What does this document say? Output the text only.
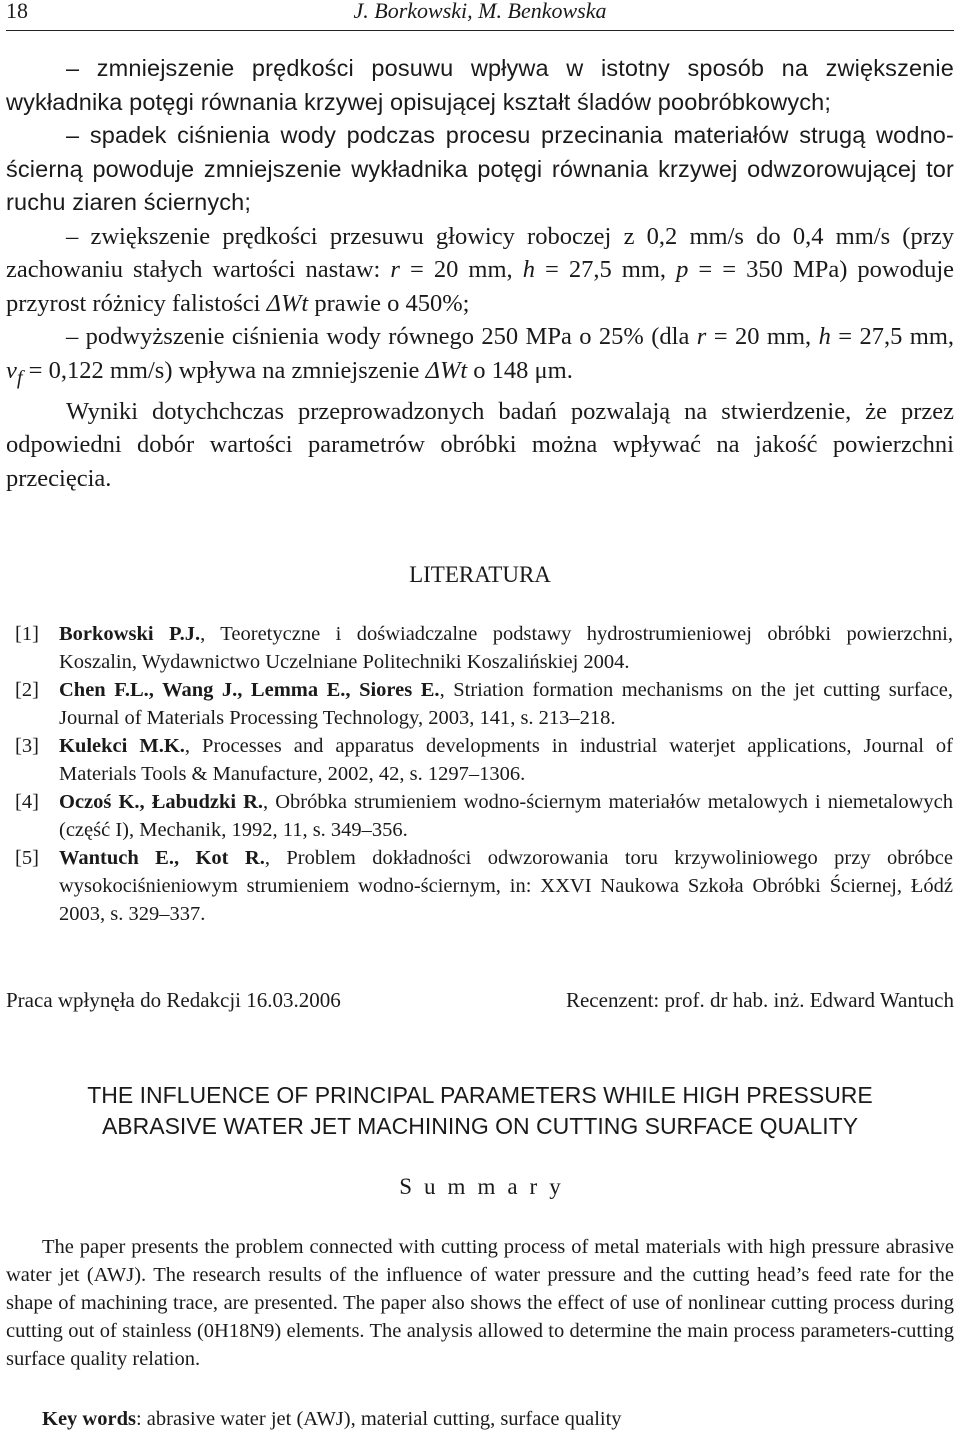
18	J. Borkowski, M. Benkowska

– zmniejszenie prędkości posuwu wpływa w istotny sposób na zwiększenie wykładnika potęgi równania krzywej opisującej kształt śladów poobróbkowych;

– spadek ciśnienia wody podczas procesu przecinania materiałów strugą wodno-ścierną powoduje zmniejszenie wykładnika potęgi równania krzywej odwzorowującej tor ruchu ziaren ściernych;

– zwiększenie prędkości przesuwu głowicy roboczej z 0,2 mm/s do 0,4 mm/s (przy zachowaniu stałych wartości nastaw: r = 20 mm, h = 27,5 mm, p = = 350 MPa) powoduje przyrost różnicy falistości ΔWt prawie o 450%;

– podwyższenie ciśnienia wody równego 250 MPa o 25% (dla r = 20 mm, h = 27,5 mm, $v_f = 0,122$ mm/s) wpływa na zmniejszenie ΔWt o 148 μm.

Wyniki dotychchczas przeprowadzonych badań pozwalają na stwierdzenie, że przez odpowiedni dobór wartości parametrów obróbki można wpływać na jakość powierzchni przecięcia.

LITERATURA
[1] Borkowski P.J., Teoretyczne i doświadczalne podstawy hydrostrumieniowej obróbki powierzchni, Koszalin, Wydawnictwo Uczelniane Politechniki Koszalińskiej 2004.
[2] Chen F.L., Wang J., Lemma E., Siores E., Striation formation mechanisms on the jet cutting surface, Journal of Materials Processing Technology, 2003, 141, s. 213–218.
[3] Kulekci M.K., Processes and apparatus developments in industrial waterjet applications, Journal of Materials Tools & Manufacture, 2002, 42, s. 1297–1306.
[4] Oczoś K., Łabudzki R., Obróbka strumieniem wodno-ściernym materiałów metalowych i niemetalowych (część I), Mechanik, 1992, 11, s. 349–356.
[5] Wantuch E., Kot R., Problem dokładności odwzorowania toru krzywoliniowego przy obróbce wysokociśnieniowym strumieniem wodno-ściernym, in: XXVI Naukowa Szkoła Obróbki Ściernej, Łódź 2003, s. 329–337.
Praca wpłynęła do Redakcji 16.03.2006	Recenzent: prof. dr hab. inż. Edward Wantuch
THE INFLUENCE OF PRINCIPAL PARAMETERS WHILE HIGH PRESSURE
ABRASIVE WATER JET MACHINING ON CUTTING SURFACE QUALITY
Summary

The paper presents the problem connected with cutting process of metal materials with high pressure abrasive water jet (AWJ). The research results of the influence of water pressure and the cutting head’s feed rate for the shape of machining trace, are presented. The paper also shows the effect of use of nonlinear cutting process during cutting out of stainless (0H18N9) elements. The analysis allowed to determine the main process parameters-cutting surface quality relation.

Key words: abrasive water jet (AWJ), material cutting, surface quality
